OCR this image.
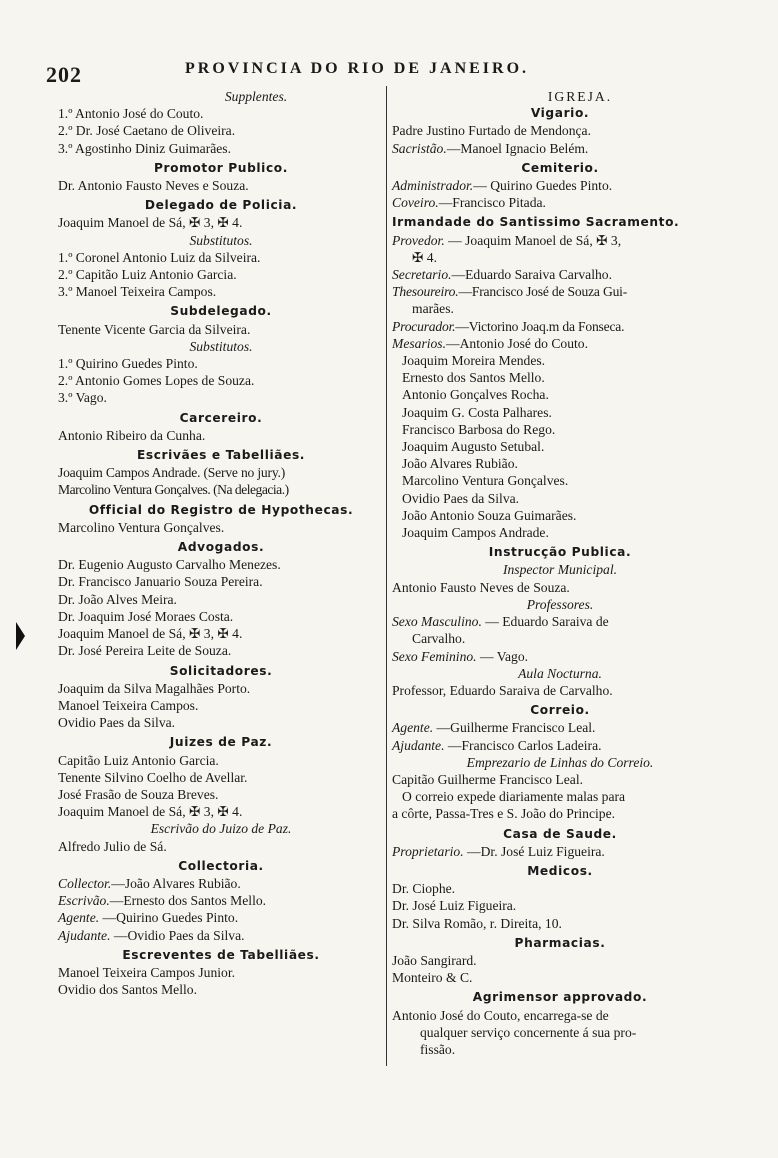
202	PROVINCIA DO RIO DE JANEIRO.
Supplentes.
1.º Antonio José do Couto.
2.º Dr. José Caetano de Oliveira.
3.º Agostinho Diniz Guimarães.
Promotor Publico.
Dr. Antonio Fausto Neves e Souza.
Delegado de Policia.
Joaquim Manoel de Sá, ✠ 3, ✠ 4.
Substitutos.
1.º Coronel Antonio Luiz da Silveira.
2.º Capitão Luiz Antonio Garcia.
3.º Manoel Teixeira Campos.
Subdelegado.
Tenente Vicente Garcia da Silveira.
Substitutos.
1.º Quirino Guedes Pinto.
2.º Antonio Gomes Lopes de Souza.
3.º Vago.
Carcereiro.
Antonio Ribeiro da Cunha.
Escrivães e Tabelliães.
Joaquim Campos Andrade. (Serve no jury.)
Marcolino Ventura Gonçalves. (Na delegacia.)
Official do Registro de Hypothecas.
Marcolino Ventura Gonçalves.
Advogados.
Dr. Eugenio Augusto Carvalho Menezes.
Dr. Francisco Januario Souza Pereira.
Dr. João Alves Meira.
Dr. Joaquim José Moraes Costa.
Joaquim Manoel de Sá, ✠ 3, ✠ 4.
Dr. José Pereira Leite de Souza.
Solicitadores.
Joaquim da Silva Magalhães Porto.
Manoel Teixeira Campos.
Ovidio Paes da Silva.
Juizes de Paz.
Capitão Luiz Antonio Garcia.
Tenente Silvino Coelho de Avellar.
José Frasão de Souza Breves.
Joaquim Manoel de Sá, ✠ 3, ✠ 4.
Escrivão do Juizo de Paz.
Alfredo Julio de Sá.
Collectoria.
Collector.—João Alvares Rubião.
Escrivão.—Ernesto dos Santos Mello.
Agente. —Quirino Guedes Pinto.
Ajudante. —Ovidio Paes da Silva.
Escreventes de Tabelliães.
Manoel Teixeira Campos Junior.
Ovidio dos Santos Mello.
IGREJA.
Vigario.
Padre Justino Furtado de Mendonça.
Sacristão.—Manoel Ignacio Belém.
Cemiterio.
Administrador.— Quirino Guedes Pinto.
Coveiro.—Francisco Pitada.
Irmandade do Santissimo Sacramento.
Provedor. — Joaquim Manoel de Sá, ✠ 3,
✠ 4.
Secretario.—Eduardo Saraiva Carvalho.
Thesoureiro.—Francisco José de Souza Gui-
marães.
Procurador.—Victorino Joaq.m da Fonseca.
Mesarios.—Antonio José do Couto.
Joaquim Moreira Mendes.
Ernesto dos Santos Mello.
Antonio Gonçalves Rocha.
Joaquim G. Costa Palhares.
Francisco Barbosa do Rego.
Joaquim Augusto Setubal.
João Alvares Rubião.
Marcolino Ventura Gonçalves.
Ovidio Paes da Silva.
João Antonio Souza Guimarães.
Joaquim Campos Andrade.
Instrucção Publica.
Inspector Municipal.
Antonio Fausto Neves de Souza.
Professores.
Sexo Masculino. — Eduardo Saraiva de
Carvalho.
Sexo Feminino. — Vago.
Aula Nocturna.
Professor, Eduardo Saraiva de Carvalho.
Correio.
Agente. —Guilherme Francisco Leal.
Ajudante. —Francisco Carlos Ladeira.
Emprezario de Linhas do Correio.
Capitão Guilherme Francisco Leal.
O correio expede diariamente malas para
a côrte, Passa-Tres e S. João do Principe.
Casa de Saude.
Proprietario. —Dr. José Luiz Figueira.
Medicos.
Dr. Ciophe.
Dr. José Luiz Figueira.
Dr. Silva Romão, r. Direita, 10.
Pharmacias.
João Sangirard.
Monteiro & C.
Agrimensor approvado.
Antonio José do Couto, encarrega-se de
qualquer serviço concernente á sua pro-
fissão.
